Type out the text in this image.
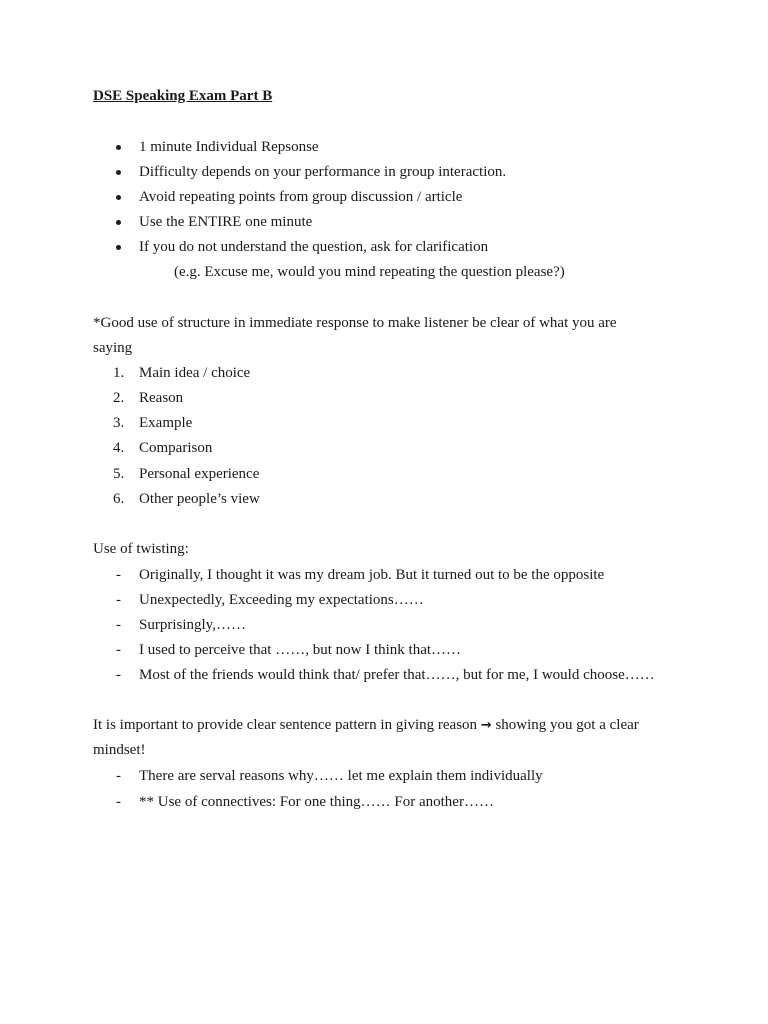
DSE Speaking Exam Part B
1 minute Individual Repsonse
Difficulty depends on your performance in group interaction.
Avoid repeating points from group discussion / article
Use the ENTIRE one minute
If you do not understand the question, ask for clarification
(e.g. Excuse me, would you mind repeating the question please?)
*Good use of structure in immediate response to make listener be clear of what you are
saying
1. Main idea / choice
2. Reason
3. Example
4. Comparison
5. Personal experience
6. Other people’s view
Use of twisting:
- Originally, I thought it was my dream job. But it turned out to be the opposite
- Unexpectedly, Exceeding my expectations……
- Surprisingly,……
- I used to perceive that ……, but now I think that……
- Most of the friends would think that/ prefer that……, but for me, I would choose……
It is important to provide clear sentence pattern in giving reason → showing you got a clear
mindset!
- There are serval reasons why…… let me explain them individually
- ** Use of connectives: For one thing…… For another……
